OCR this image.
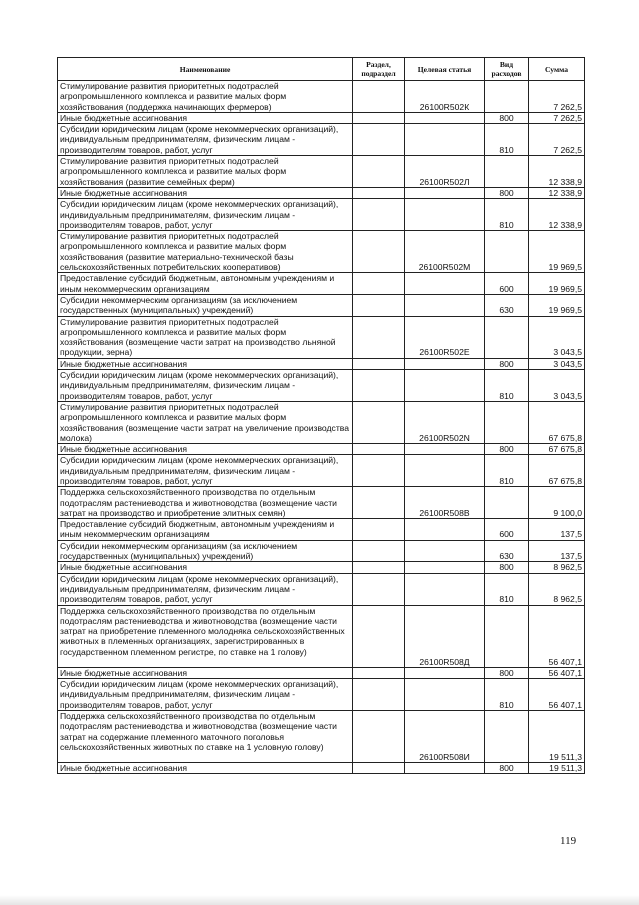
Наименование	Раздел, подраздел	Целевая статья	Вид расходов	Сумма
Стимулирование развития приоритетных подотраслей агропромышленного комплекса и развитие малых форм хозяйствования (поддержка начинающих фермеров)		26100R502К		7 262,5
Иные бюджетные ассигнования			800	7 262,5
Субсидии юридическим лицам (кроме некоммерческих организаций), индивидуальным предпринимателям, физическим лицам - производителям товаров, работ, услуг			810	7 262,5
Стимулирование развития приоритетных подотраслей агропромышленного комплекса и развитие малых форм хозяйствования (развитие семейных ферм)		26100R502Л		12 338,9
Иные бюджетные ассигнования			800	12 338,9
Субсидии юридическим лицам (кроме некоммерческих организаций), индивидуальным предпринимателям, физическим лицам - производителям товаров, работ, услуг			810	12 338,9
Стимулирование развития приоритетных подотраслей агропромышленного комплекса и развитие малых форм хозяйствования (развитие материально-технической базы сельскохозяйственных потребительских кооперативов)		26100R502М		19 969,5
Предоставление субсидий бюджетным, автономным учреждениям и иным некоммерческим организациям			600	19 969,5
Субсидии некоммерческим организациям (за исключением государственных (муниципальных) учреждений)			630	19 969,5
Стимулирование развития приоритетных подотраслей агропромышленного комплекса и развитие малых форм хозяйствования (возмещение части затрат на производство льняной продукции, зерна)		26100R502Е		3 043,5
Иные бюджетные ассигнования			800	3 043,5
Субсидии юридическим лицам (кроме некоммерческих организаций), индивидуальным предпринимателям, физическим лицам - производителям товаров, работ, услуг			810	3 043,5
Стимулирование развития приоритетных подотраслей агропромышленного комплекса и развитие малых форм хозяйствования (возмещение части затрат на увеличение производства молока)		26100R502N		67 675,8
Иные бюджетные ассигнования			800	67 675,8
Субсидии юридическим лицам (кроме некоммерческих организаций), индивидуальным предпринимателям, физическим лицам - производителям товаров, работ, услуг			810	67 675,8
Поддержка сельскохозяйственного производства по отдельным подотраслям растениеводства и животноводства (возмещение части затрат на производство и приобретение элитных семян)		26100R508В		9 100,0
Предоставление субсидий бюджетным, автономным учреждениям и иным некоммерческим организациям			600	137,5
Субсидии некоммерческим организациям (за исключением государственных (муниципальных) учреждений)			630	137,5
Иные бюджетные ассигнования			800	8 962,5
Субсидии юридическим лицам (кроме некоммерческих организаций), индивидуальным предпринимателям, физическим лицам - производителям товаров, работ, услуг			810	8 962,5
Поддержка сельскохозяйственного производства по отдельным подотраслям растениеводства и животноводства (возмещение части затрат на приобретение племенного молодняка сельскохозяйственных животных в племенных организациях, зарегистрированных в государственном племенном регистре, по ставке на 1 голову)		26100R508Д		56 407,1
Иные бюджетные ассигнования			800	56 407,1
Субсидии юридическим лицам (кроме некоммерческих организаций), индивидуальным предпринимателям, физическим лицам - производителям товаров, работ, услуг			810	56 407,1
Поддержка сельскохозяйственного производства по отдельным подотраслям растениеводства и животноводства (возмещение части затрат на содержание племенного маточного поголовья сельскохозяйственных животных по ставке на 1 условную голову)		26100R508И		19 511,3
Иные бюджетные ассигнования			800	19 511,3
119
